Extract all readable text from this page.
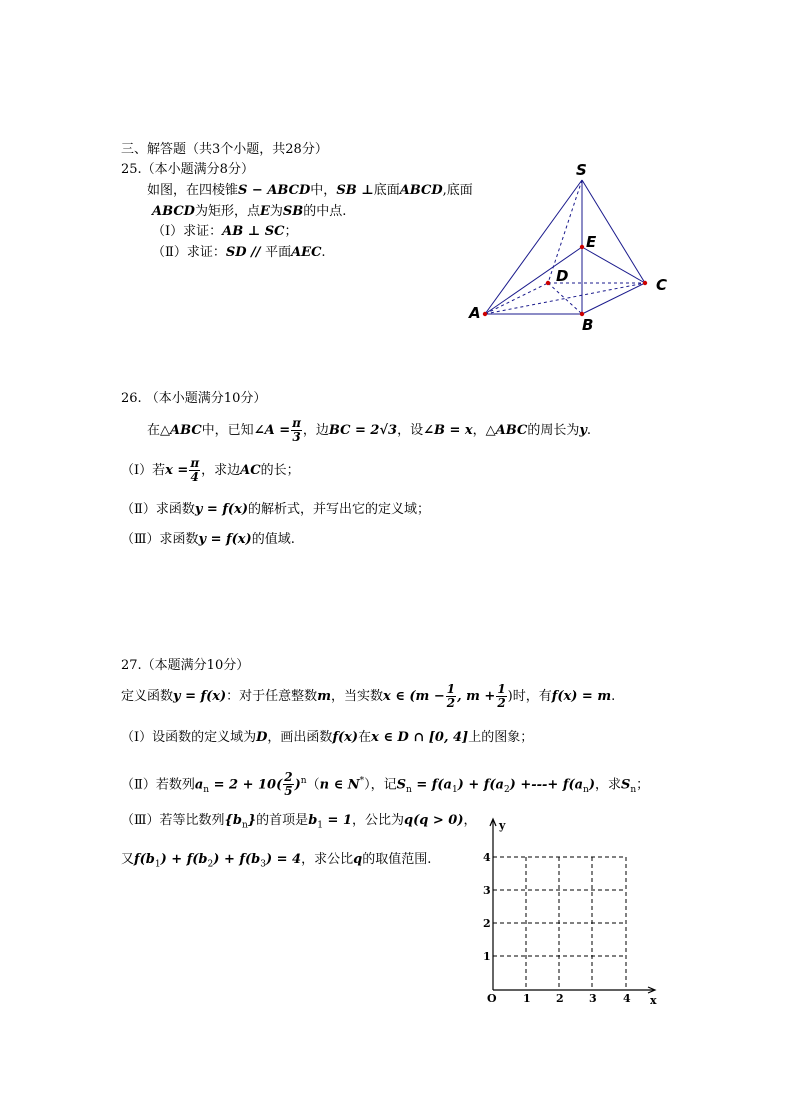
三、解答题（共3个小题，共28分）
25.（本小题满分8分）
如图，在四棱锥S − ABCD中，SB ⊥底面ABCD,底面
ABCD为矩形，点E为SB的中点.
（Ⅰ）求证：AB ⊥ SC；
（Ⅱ）求证：SD // 平面AEC.
S
E
D	C
A
B
26. （本小题满分10分）
在△ABC中，已知∠A = $\frac{\pi}{3}$ ，边BC = 2√3，设∠B = x，△ABC的周长为y.
（Ⅰ）若$x = \frac{\pi}{4}$ ，求边AC的长；
（Ⅱ）求函数y = f(x)的解析式，并写出它的定义域；
（Ⅲ）求函数y = f(x)的值域.
27.（本题满分10分）
定义函数y = f(x)：对于任意整数m，当实数x ∈ ($m - \frac{1}{2}$ , $m + \frac{1}{2}$ )时，有f(x) = m.
（Ⅰ）设函数的定义域为D，画出函数f(x)在x ∈ D ∩ [0, 4]上的图象；
（Ⅱ）若数列$a_n = 2 + 10( \frac{2}{5} )^n(n$ ∈ N*），记$S_n = f(a_1) + f(a_2)$ +---+ $f(a_n)$，求$S_n$；
（Ⅲ）若等比数列$\{b_n\}$的首项是$b_1 = 1$，公比为q(q > 0)，
又$f(b_1) + f(b_2) + f(b_3) = 4$，求公比q的取值范围.
y
x
O 1 2 3 4
1
2
3
4
